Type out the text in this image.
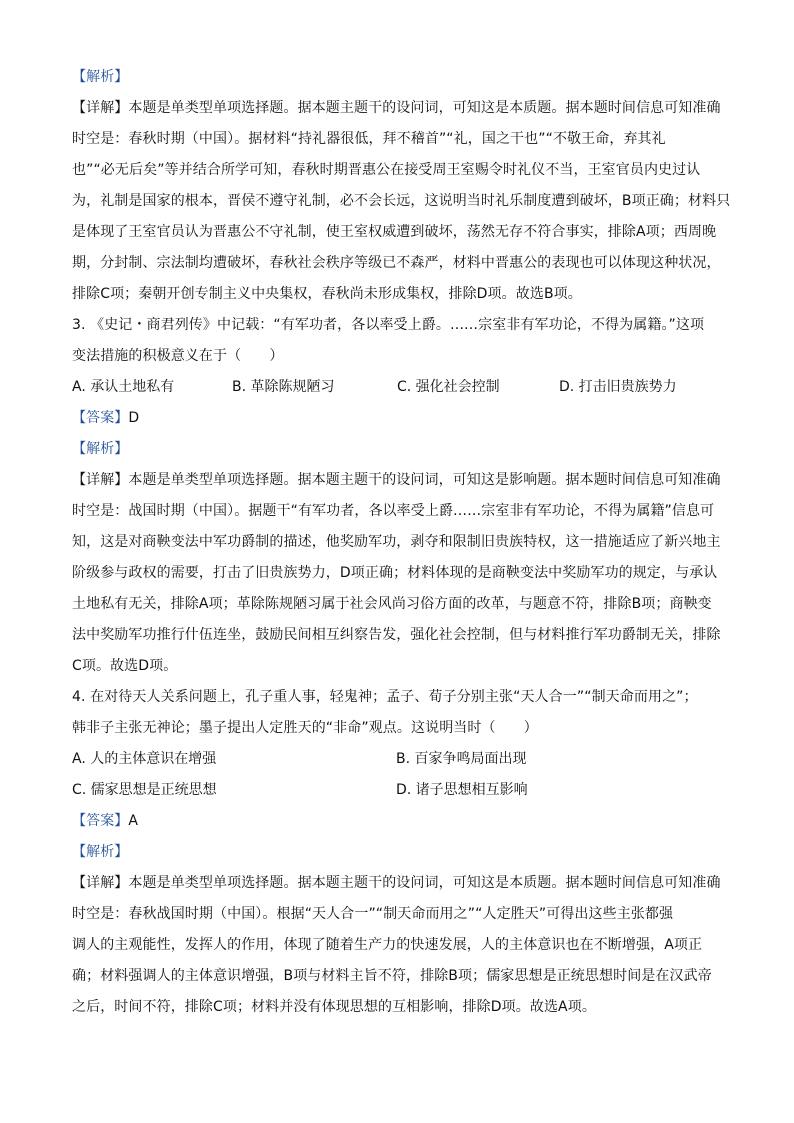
【解析】
【详解】本题是单类型单项选择题。据本题主题干的设问词，可知这是本质题。据本题时间信息可知准确
时空是：春秋时期（中国）。据材料“持礼器很低，拜不稽首”“礼，国之干也”“不敬王命，弃其礼
也”“必无后矣”等并结合所学可知，春秋时期晋惠公在接受周王室赐令时礼仪不当，王室官员内史过认
为，礼制是国家的根本，晋侯不遵守礼制，必不会长远，这说明当时礼乐制度遭到破坏，B项正确；材料只
是体现了王室官员认为晋惠公不守礼制，使王室权威遭到破坏，荡然无存不符合事实，排除A项；西周晚
期，分封制、宗法制均遭破坏，春秋社会秩序等级已不森严，材料中晋惠公的表现也可以体现这种状况，
排除C项；秦朝开创专制主义中央集权，春秋尚未形成集权，排除D项。故选B项。
3. 《史记・商君列传》中记载：“有军功者，各以率受上爵。……宗室非有军功论，不得为属籍。”这项
变法措施的积极意义在于（　　）
A. 承认土地私有	B. 革除陈规陋习	C. 强化社会控制	D. 打击旧贵族势力
【答案】D
【解析】
【详解】本题是单类型单项选择题。据本题主题干的设问词，可知这是影响题。据本题时间信息可知准确
时空是：战国时期（中国）。据题干“有军功者，各以率受上爵……宗室非有军功论，不得为属籍”信息可
知，这是对商鞅变法中军功爵制的描述，他奖励军功，剥夺和限制旧贵族特权，这一措施适应了新兴地主
阶级参与政权的需要，打击了旧贵族势力，D项正确；材料体现的是商鞅变法中奖励军功的规定，与承认
土地私有无关，排除A项；革除陈规陋习属于社会风尚习俗方面的改革，与题意不符，排除B项；商鞅变
法中奖励军功推行什伍连坐，鼓励民间相互纠察告发，强化社会控制，但与材料推行军功爵制无关，排除
C项。故选D项。
4. 在对待天人关系问题上，孔子重人事，轻鬼神；孟子、荀子分别主张“天人合一”“制天命而用之”；
韩非子主张无神论；墨子提出人定胜天的“非命”观点。这说明当时（　　）
A. 人的主体意识在增强	B. 百家争鸣局面出现
C. 儒家思想是正统思想	D. 诸子思想相互影响
【答案】A
【解析】
【详解】本题是单类型单项选择题。据本题主题干的设问词，可知这是本质题。据本题时间信息可知准确
时空是：春秋战国时期（中国）。根据“天人合一”“制天命而用之”“人定胜天”可得出这些主张都强
调人的主观能性，发挥人的作用，体现了随着生产力的快速发展，人的主体意识也在不断增强，A项正
确；材料强调人的主体意识增强，B项与材料主旨不符，排除B项；儒家思想是正统思想时间是在汉武帝
之后，时间不符，排除C项；材料并没有体现思想的互相影响，排除D项。故选A项。
